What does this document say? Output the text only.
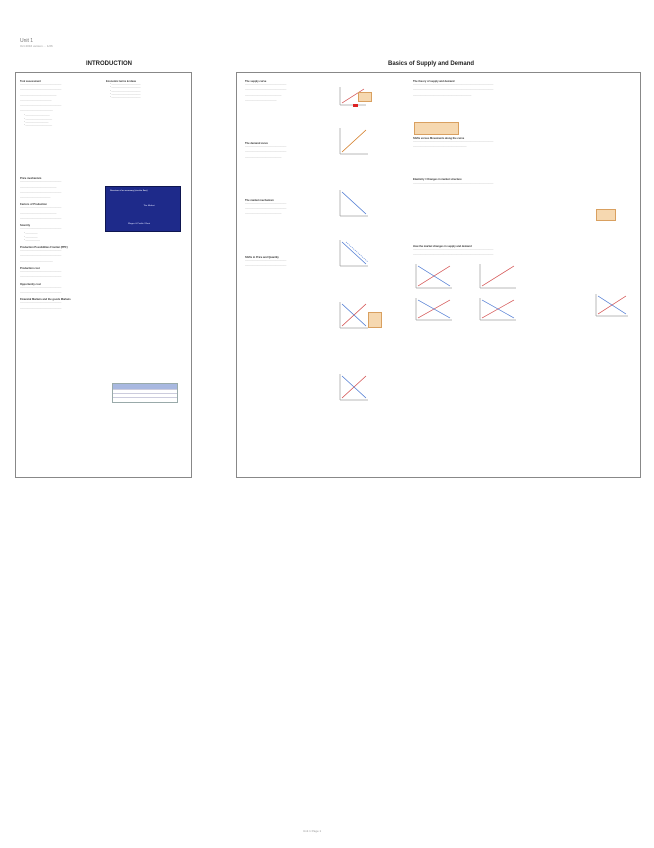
Unit 1
Oct 2016 version ... 1/26
INTRODUCTION	Basics of Supply and Demand
Tool assessment
__________________________________
__________________________________
______________________________
__________________________
__________________________________
___________________________
• ____________________
• ______________________
• ___________________
• ______________________
Price mechanism
__________________________________
______________________________
__________________________________
_________________________
Factors of Production
__________________________________
______________________________
__________________________________
Scarcity
__________________________________
• __________
• __________
• ____________
Production Possibilities Frontier (PPF)
__________________________________
__________________________________
___________________________
Production cost
__________________________________
__________________________________
Opportunity cost
__________________________________
__________________________________
Financial Markets and the goods Markets
__________________________________
__________________________________
Economic terms & ideas
• ________________________
• ________________________
• ________________________
• ________________________
• ________________________
Structure of an economy (circular flow)
The Market
Wages & Profits / Rent
The supply curve
__________________________________
__________________________________
______________________________
__________________________
The demand curve
__________________________________
__________________________________
______________________________
The market mechanism
__________________________________
__________________________________
______________________________
Shifts in Price and Quantity
__________________________________
__________________________________
The theory of supply and demand
__________________________________________________________________
__________________________________________________________________
________________________________________________
Shifts versus Movements along the curve
__________________________________________________________________
____________________________________________
Elasticity / Changes in market structure
__________________________________________________________________
How the market changes in supply and demand
__________________________________________________________________
__________________________________________________________________
Unit 1 Page 1
